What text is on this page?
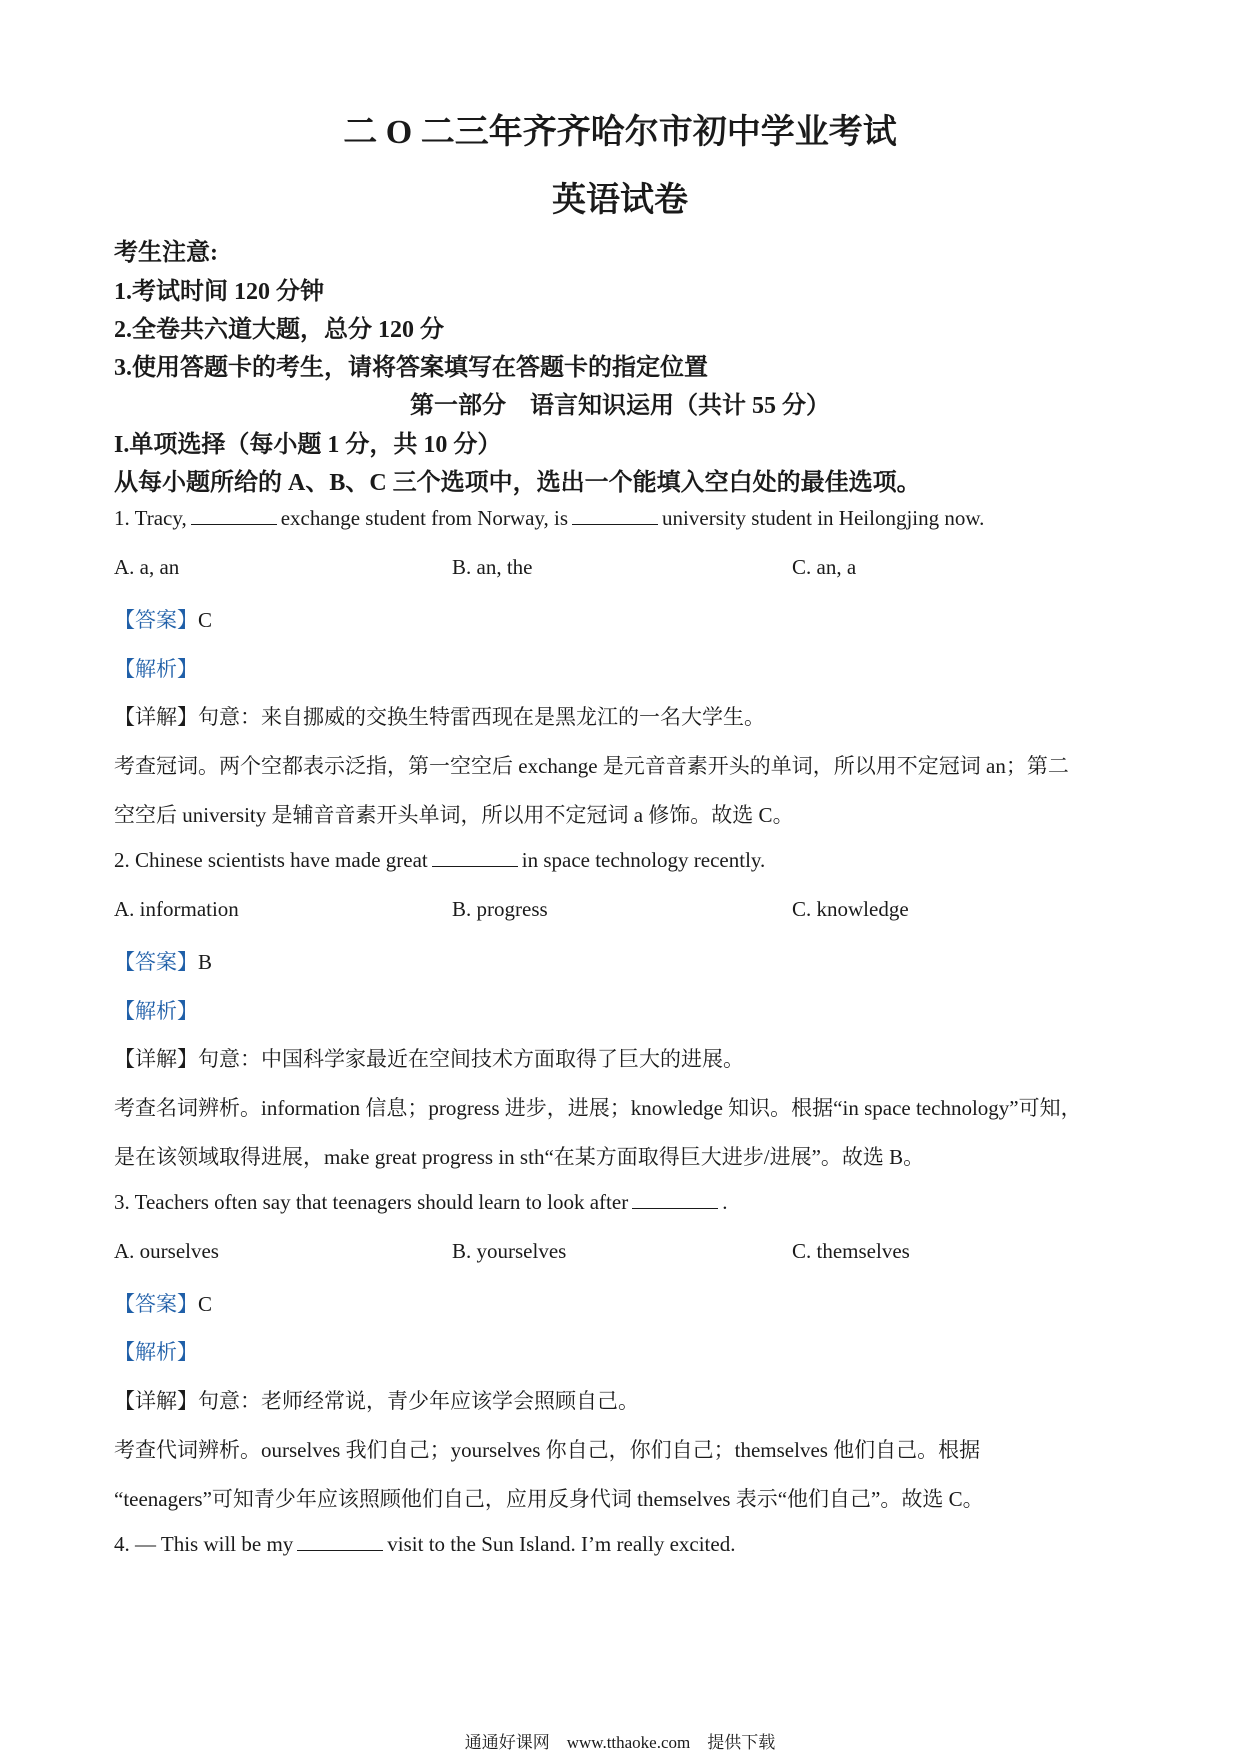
二 O 二三年齐齐哈尔市初中学业考试
英语试卷
考生注意:
1.考试时间 120 分钟
2.全卷共六道大题，总分 120 分
3.使用答题卡的考生，请将答案填写在答题卡的指定位置
第一部分　语言知识运用（共计 55 分）
I.单项选择（每小题 1 分，共 10 分）
从每小题所给的 A、B、C 三个选项中，选出一个能填入空白处的最佳选项。
1. Tracy,	exchange student from Norway, is	university student in Heilongjing now.
A. a, an	B. an, the	C. an, a
【答案】C
【解析】
【详解】句意：来自挪威的交换生特雷西现在是黑龙江的一名大学生。
考查冠词。两个空都表示泛指，第一空空后 exchange 是元音音素开头的单词，所以用不定冠词 an；第二
空空后 university 是辅音音素开头单词，所以用不定冠词 a 修饰。故选 C。
2. Chinese scientists have made great	in space technology recently.
A. information	B. progress	C. knowledge
【答案】B
【解析】
【详解】句意：中国科学家最近在空间技术方面取得了巨大的进展。
考查名词辨析。information 信息；progress 进步，进展；knowledge 知识。根据“in space technology”可知，
是在该领域取得进展，make great progress in sth“在某方面取得巨大进步/进展”。故选 B。
3. Teachers often say that teenagers should learn to look after	.
A. ourselves	B. yourselves	C. themselves
【答案】C
【解析】
【详解】句意：老师经常说，青少年应该学会照顾自己。
考查代词辨析。ourselves 我们自己；yourselves 你自己，你们自己；themselves 他们自己。根据
“teenagers”可知青少年应该照顾他们自己，应用反身代词 themselves 表示“他们自己”。故选 C。
4. — This will be my	visit to the Sun Island. I’m really excited.
通通好课网　www.tthaoke.com　提供下载
